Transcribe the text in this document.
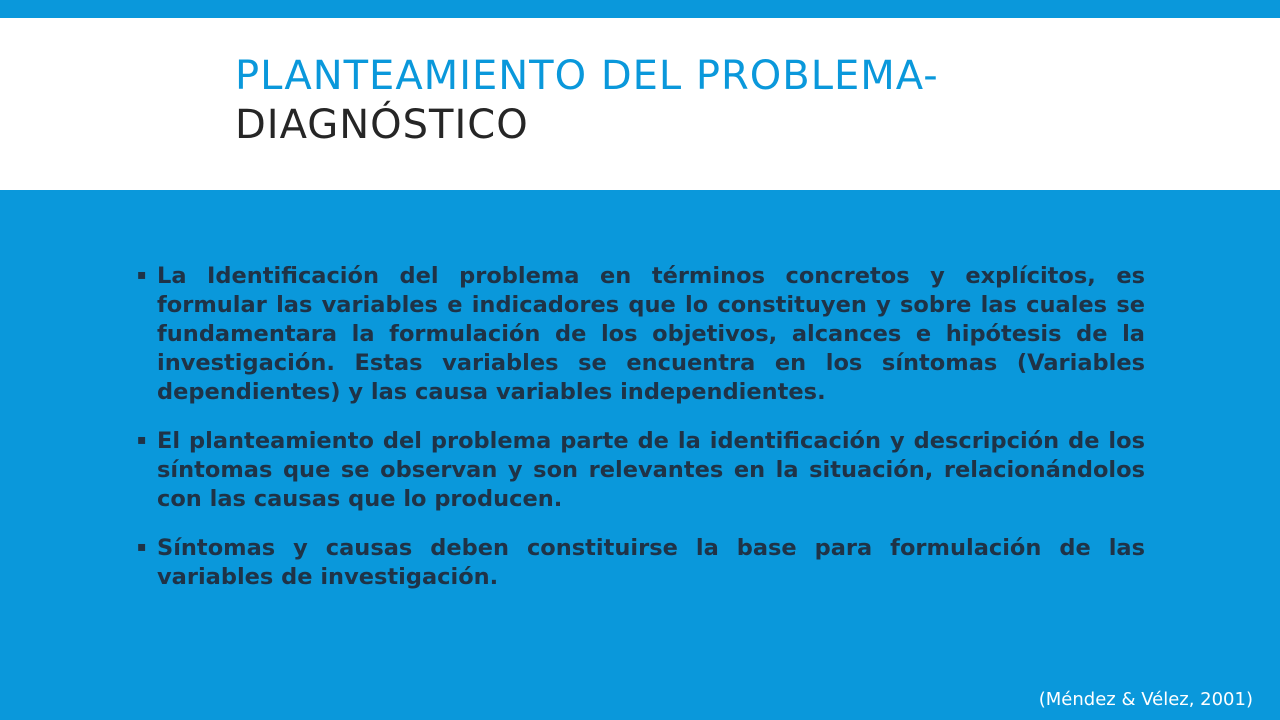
PLANTEAMIENTO DEL PROBLEMA-
DIAGNÓSTICO
▪ La Identificación del problema en términos concretos y explícitos, es formular las variables e indicadores que lo constituyen y sobre las cuales se fundamentara la formulación de los objetivos, alcances e hipótesis de la investigación. Estas variables se encuentra en los síntomas (Variables dependientes) y las causa variables independientes.
▪ El planteamiento del problema parte de la identificación y descripción de los síntomas que se observan y son relevantes en la situación, relacionándolos con las causas que lo producen.
▪ Síntomas y causas deben constituirse la base para formulación de las variables de investigación.
(Méndez & Vélez, 2001)
